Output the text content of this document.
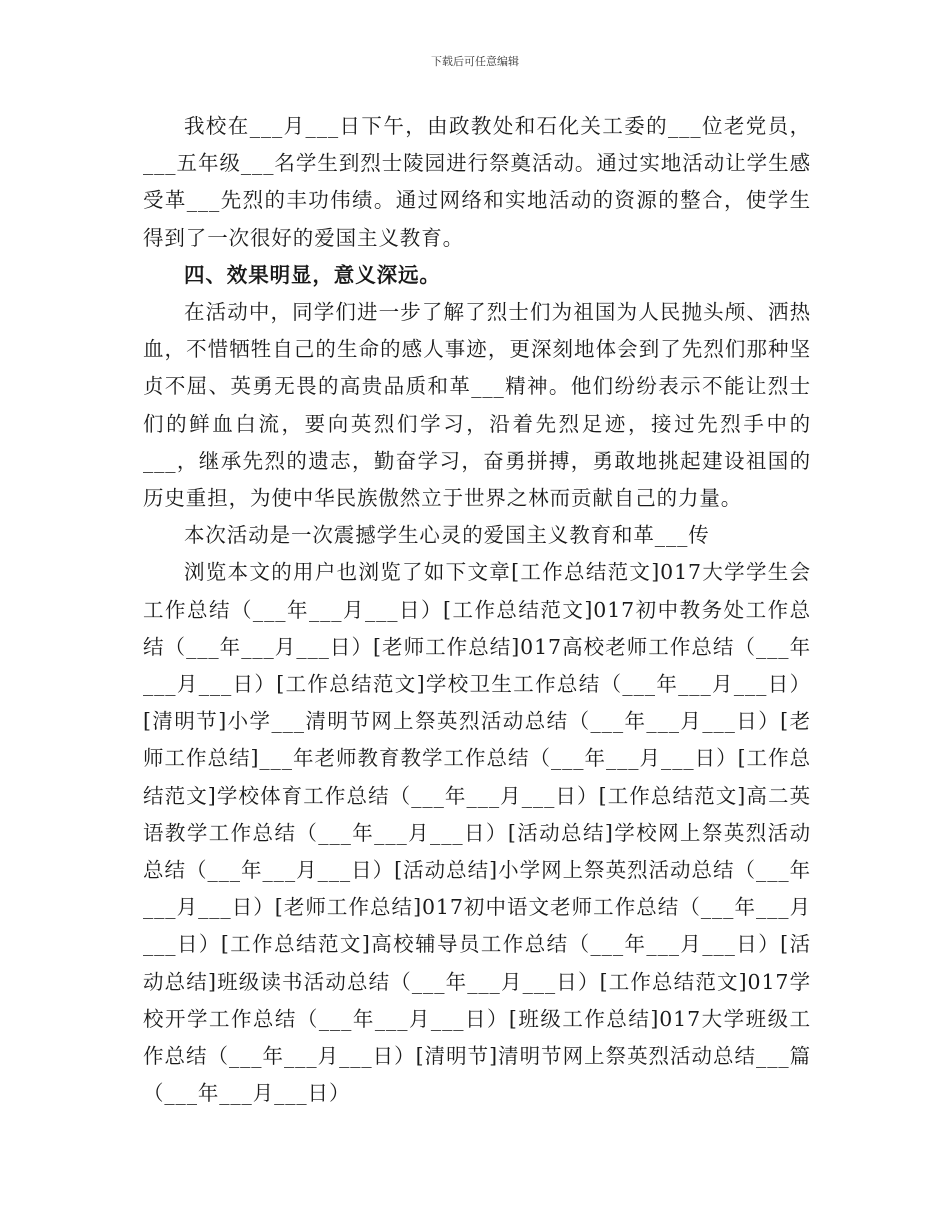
下载后可任意编辑

我校在___月___日下午，由政教处和石化关工委的___位老党员，___五年级___名学生到烈士陵园进行祭奠活动。通过实地活动让学生感受革___先烈的丰功伟绩。通过网络和实地活动的资源的整合，使学生得到了一次很好的爱国主义教育。

四、效果明显，意义深远。

在活动中，同学们进一步了解了烈士们为祖国为人民抛头颅、洒热血，不惜牺牲自己的生命的感人事迹，更深刻地体会到了先烈们那种坚贞不屈、英勇无畏的高贵品质和革___精神。他们纷纷表示不能让烈士们的鲜血白流，要向英烈们学习，沿着先烈足迹，接过先烈手中的___，继承先烈的遗志，勤奋学习，奋勇拼搏，勇敢地挑起建设祖国的历史重担，为使中华民族傲然立于世界之林而贡献自己的力量。

本次活动是一次震撼学生心灵的爱国主义教育和革___传

浏览本文的用户也浏览了如下文章[工作总结范文]017大学学生会工作总结（___年___月___日）[工作总结范文]017初中教务处工作总结（___年___月___日）[老师工作总结]017高校老师工作总结（___年___月___日）[工作总结范文]学校卫生工作总结（___年___月___日）[清明节]小学___清明节网上祭英烈活动总结（___年___月___日）[老师工作总结]___年老师教育教学工作总结（___年___月___日）[工作总结范文]学校体育工作总结（___年___月___日）[工作总结范文]高二英语教学工作总结（___年___月___日）[活动总结]学校网上祭英烈活动总结（___年___月___日）[活动总结]小学网上祭英烈活动总结（___年___月___日）[老师工作总结]017初中语文老师工作总结（___年___月___日）[工作总结范文]高校辅导员工作总结（___年___月___日）[活动总结]班级读书活动总结（___年___月___日）[工作总结范文]017学校开学工作总结（___年___月___日）[班级工作总结]017大学班级工作总结（___年___月___日）[清明节]清明节网上祭英烈活动总结___篇（___年___月___日）
